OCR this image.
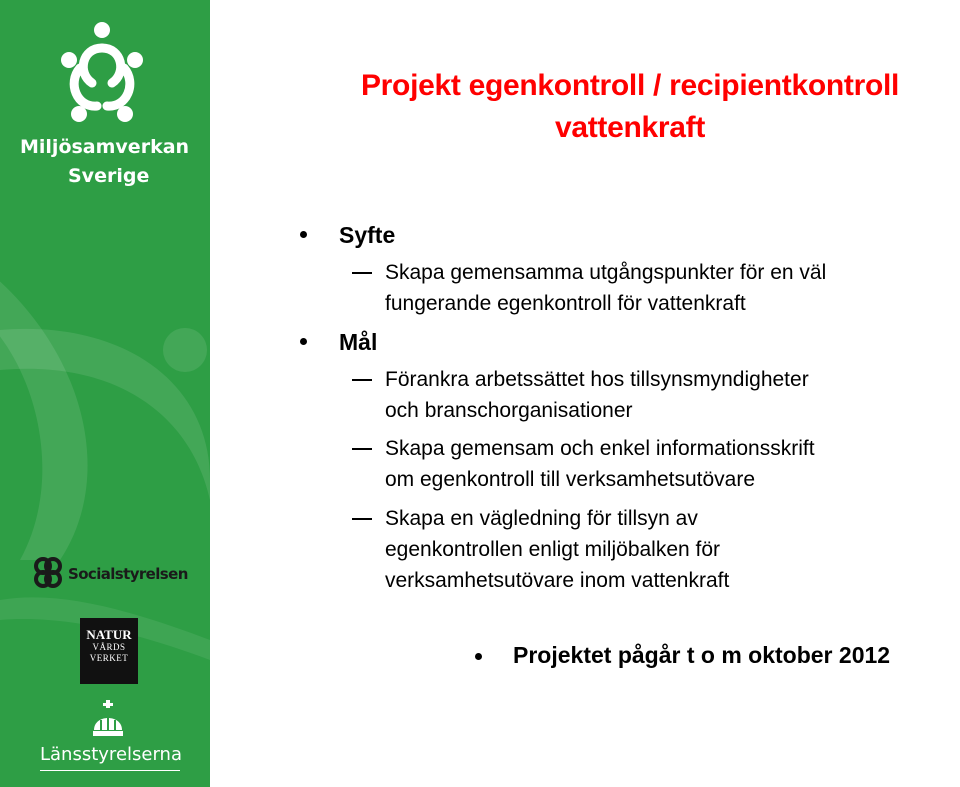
Miljösamverkan
Sverige
Socialstyrelsen
NATUR
VÅRDS
VERKET
Länsstyrelserna
Projekt egenkontroll / recipientkontroll
vattenkraft
Syfte
Skapa gemensamma utgångspunkter för en väl
fungerande egenkontroll för vattenkraft
Mål
Förankra arbetssättet hos tillsynsmyndigheter
och branschorganisationer
Skapa gemensam och enkel informationsskrift
om egenkontroll till verksamhetsutövare
Skapa en vägledning för tillsyn av
egenkontrollen enligt miljöbalken för
verksamhetsutövare inom vattenkraft
Projektet pågår t o m oktober 2012
